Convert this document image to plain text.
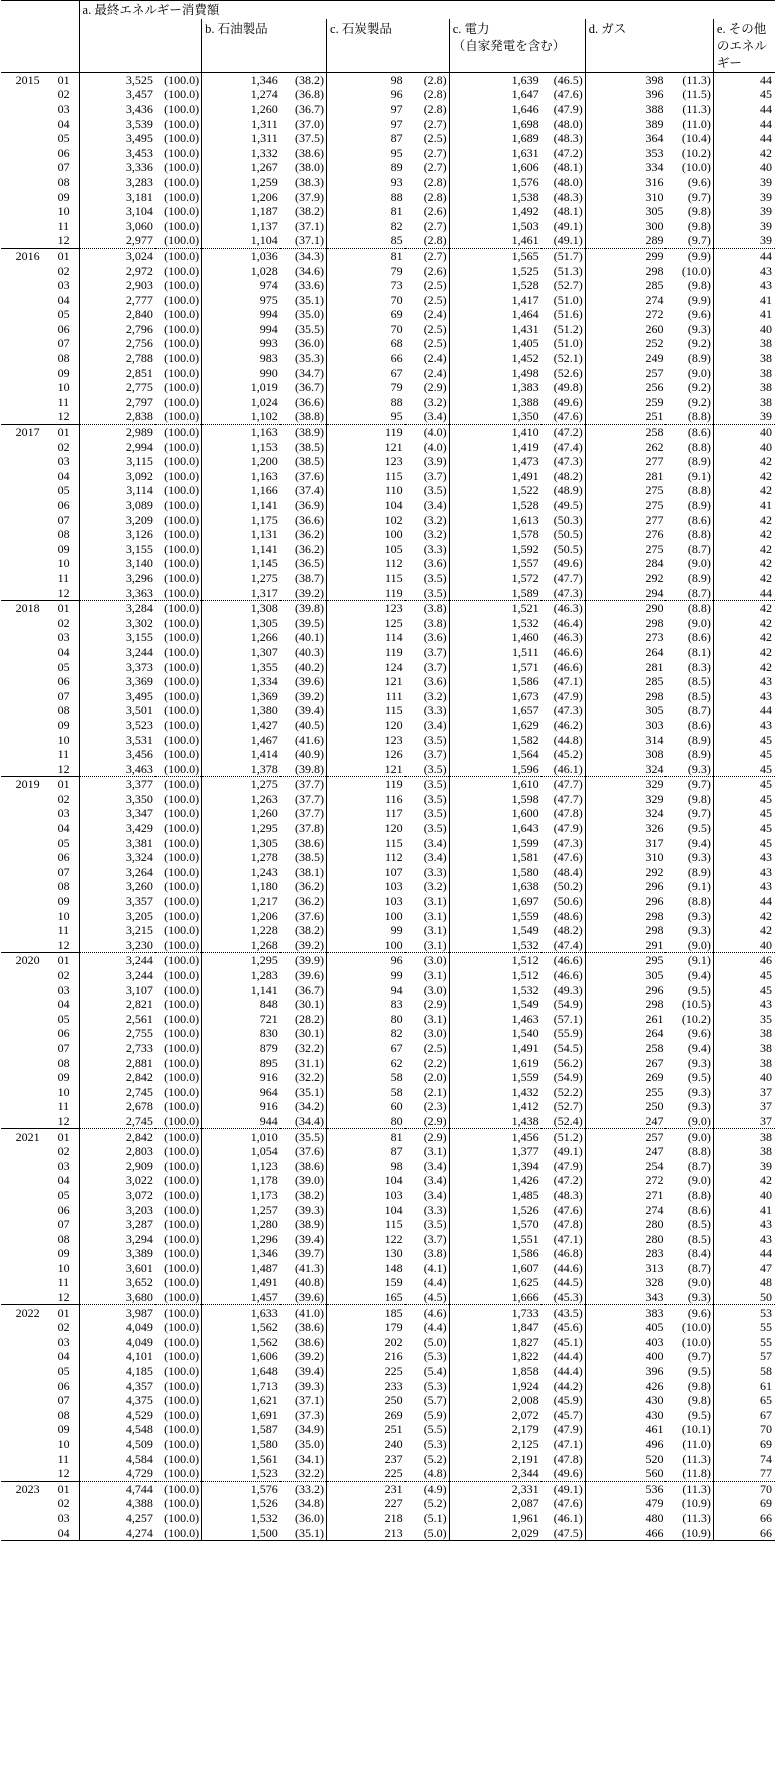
		a. 最終エネルギー消費額										
				b. 石油製品		c. 石炭製品		c. 電力
（自家発電を含む）		d. ガス		e. その他のエネルギー
2015	01	3,525	(100.0)	1,346	(38.2)	98	(2.8)	1,639	(46.5)	398	(11.3)	44
	02	3,457	(100.0)	1,274	(36.8)	96	(2.8)	1,647	(47.6)	396	(11.5)	45
	03	3,436	(100.0)	1,260	(36.7)	97	(2.8)	1,646	(47.9)	388	(11.3)	44
	04	3,539	(100.0)	1,311	(37.0)	97	(2.7)	1,698	(48.0)	389	(11.0)	44
	05	3,495	(100.0)	1,311	(37.5)	87	(2.5)	1,689	(48.3)	364	(10.4)	44
	06	3,453	(100.0)	1,332	(38.6)	95	(2.7)	1,631	(47.2)	353	(10.2)	42
	07	3,336	(100.0)	1,267	(38.0)	89	(2.7)	1,606	(48.1)	334	(10.0)	40
	08	3,283	(100.0)	1,259	(38.3)	93	(2.8)	1,576	(48.0)	316	(9.6)	39
	09	3,181	(100.0)	1,206	(37.9)	88	(2.8)	1,538	(48.3)	310	(9.7)	39
	10	3,104	(100.0)	1,187	(38.2)	81	(2.6)	1,492	(48.1)	305	(9.8)	39
	11	3,060	(100.0)	1,137	(37.1)	82	(2.7)	1,503	(49.1)	300	(9.8)	39
	12	2,977	(100.0)	1,104	(37.1)	85	(2.8)	1,461	(49.1)	289	(9.7)	39
2016	01	3,024	(100.0)	1,036	(34.3)	81	(2.7)	1,565	(51.7)	299	(9.9)	44
	02	2,972	(100.0)	1,028	(34.6)	79	(2.6)	1,525	(51.3)	298	(10.0)	43
	03	2,903	(100.0)	974	(33.6)	73	(2.5)	1,528	(52.7)	285	(9.8)	43
	04	2,777	(100.0)	975	(35.1)	70	(2.5)	1,417	(51.0)	274	(9.9)	41
	05	2,840	(100.0)	994	(35.0)	69	(2.4)	1,464	(51.6)	272	(9.6)	41
	06	2,796	(100.0)	994	(35.5)	70	(2.5)	1,431	(51.2)	260	(9.3)	40
	07	2,756	(100.0)	993	(36.0)	68	(2.5)	1,405	(51.0)	252	(9.2)	38
	08	2,788	(100.0)	983	(35.3)	66	(2.4)	1,452	(52.1)	249	(8.9)	38
	09	2,851	(100.0)	990	(34.7)	67	(2.4)	1,498	(52.6)	257	(9.0)	38
	10	2,775	(100.0)	1,019	(36.7)	79	(2.9)	1,383	(49.8)	256	(9.2)	38
	11	2,797	(100.0)	1,024	(36.6)	88	(3.2)	1,388	(49.6)	259	(9.2)	38
	12	2,838	(100.0)	1,102	(38.8)	95	(3.4)	1,350	(47.6)	251	(8.8)	39
2017	01	2,989	(100.0)	1,163	(38.9)	119	(4.0)	1,410	(47.2)	258	(8.6)	40
	02	2,994	(100.0)	1,153	(38.5)	121	(4.0)	1,419	(47.4)	262	(8.8)	40
	03	3,115	(100.0)	1,200	(38.5)	123	(3.9)	1,473	(47.3)	277	(8.9)	42
	04	3,092	(100.0)	1,163	(37.6)	115	(3.7)	1,491	(48.2)	281	(9.1)	42
	05	3,114	(100.0)	1,166	(37.4)	110	(3.5)	1,522	(48.9)	275	(8.8)	42
	06	3,089	(100.0)	1,141	(36.9)	104	(3.4)	1,528	(49.5)	275	(8.9)	41
	07	3,209	(100.0)	1,175	(36.6)	102	(3.2)	1,613	(50.3)	277	(8.6)	42
	08	3,126	(100.0)	1,131	(36.2)	100	(3.2)	1,578	(50.5)	276	(8.8)	42
	09	3,155	(100.0)	1,141	(36.2)	105	(3.3)	1,592	(50.5)	275	(8.7)	42
	10	3,140	(100.0)	1,145	(36.5)	112	(3.6)	1,557	(49.6)	284	(9.0)	42
	11	3,296	(100.0)	1,275	(38.7)	115	(3.5)	1,572	(47.7)	292	(8.9)	42
	12	3,363	(100.0)	1,317	(39.2)	119	(3.5)	1,589	(47.3)	294	(8.7)	44
2018	01	3,284	(100.0)	1,308	(39.8)	123	(3.8)	1,521	(46.3)	290	(8.8)	42
	02	3,302	(100.0)	1,305	(39.5)	125	(3.8)	1,532	(46.4)	298	(9.0)	42
	03	3,155	(100.0)	1,266	(40.1)	114	(3.6)	1,460	(46.3)	273	(8.6)	42
	04	3,244	(100.0)	1,307	(40.3)	119	(3.7)	1,511	(46.6)	264	(8.1)	42
	05	3,373	(100.0)	1,355	(40.2)	124	(3.7)	1,571	(46.6)	281	(8.3)	42
	06	3,369	(100.0)	1,334	(39.6)	121	(3.6)	1,586	(47.1)	285	(8.5)	43
	07	3,495	(100.0)	1,369	(39.2)	111	(3.2)	1,673	(47.9)	298	(8.5)	43
	08	3,501	(100.0)	1,380	(39.4)	115	(3.3)	1,657	(47.3)	305	(8.7)	44
	09	3,523	(100.0)	1,427	(40.5)	120	(3.4)	1,629	(46.2)	303	(8.6)	43
	10	3,531	(100.0)	1,467	(41.6)	123	(3.5)	1,582	(44.8)	314	(8.9)	45
	11	3,456	(100.0)	1,414	(40.9)	126	(3.7)	1,564	(45.2)	308	(8.9)	45
	12	3,463	(100.0)	1,378	(39.8)	121	(3.5)	1,596	(46.1)	324	(9.3)	45
2019	01	3,377	(100.0)	1,275	(37.7)	119	(3.5)	1,610	(47.7)	329	(9.7)	45
	02	3,350	(100.0)	1,263	(37.7)	116	(3.5)	1,598	(47.7)	329	(9.8)	45
	03	3,347	(100.0)	1,260	(37.7)	117	(3.5)	1,600	(47.8)	324	(9.7)	45
	04	3,429	(100.0)	1,295	(37.8)	120	(3.5)	1,643	(47.9)	326	(9.5)	45
	05	3,381	(100.0)	1,305	(38.6)	115	(3.4)	1,599	(47.3)	317	(9.4)	45
	06	3,324	(100.0)	1,278	(38.5)	112	(3.4)	1,581	(47.6)	310	(9.3)	43
	07	3,264	(100.0)	1,243	(38.1)	107	(3.3)	1,580	(48.4)	292	(8.9)	43
	08	3,260	(100.0)	1,180	(36.2)	103	(3.2)	1,638	(50.2)	296	(9.1)	43
	09	3,357	(100.0)	1,217	(36.2)	103	(3.1)	1,697	(50.6)	296	(8.8)	44
	10	3,205	(100.0)	1,206	(37.6)	100	(3.1)	1,559	(48.6)	298	(9.3)	42
	11	3,215	(100.0)	1,228	(38.2)	99	(3.1)	1,549	(48.2)	298	(9.3)	42
	12	3,230	(100.0)	1,268	(39.2)	100	(3.1)	1,532	(47.4)	291	(9.0)	40
2020	01	3,244	(100.0)	1,295	(39.9)	96	(3.0)	1,512	(46.6)	295	(9.1)	46
	02	3,244	(100.0)	1,283	(39.6)	99	(3.1)	1,512	(46.6)	305	(9.4)	45
	03	3,107	(100.0)	1,141	(36.7)	94	(3.0)	1,532	(49.3)	296	(9.5)	45
	04	2,821	(100.0)	848	(30.1)	83	(2.9)	1,549	(54.9)	298	(10.5)	43
	05	2,561	(100.0)	721	(28.2)	80	(3.1)	1,463	(57.1)	261	(10.2)	35
	06	2,755	(100.0)	830	(30.1)	82	(3.0)	1,540	(55.9)	264	(9.6)	38
	07	2,733	(100.0)	879	(32.2)	67	(2.5)	1,491	(54.5)	258	(9.4)	38
	08	2,881	(100.0)	895	(31.1)	62	(2.2)	1,619	(56.2)	267	(9.3)	38
	09	2,842	(100.0)	916	(32.2)	58	(2.0)	1,559	(54.9)	269	(9.5)	40
	10	2,745	(100.0)	964	(35.1)	58	(2.1)	1,432	(52.2)	255	(9.3)	37
	11	2,678	(100.0)	916	(34.2)	60	(2.3)	1,412	(52.7)	250	(9.3)	37
	12	2,745	(100.0)	944	(34.4)	80	(2.9)	1,438	(52.4)	247	(9.0)	37
2021	01	2,842	(100.0)	1,010	(35.5)	81	(2.9)	1,456	(51.2)	257	(9.0)	38
	02	2,803	(100.0)	1,054	(37.6)	87	(3.1)	1,377	(49.1)	247	(8.8)	38
	03	2,909	(100.0)	1,123	(38.6)	98	(3.4)	1,394	(47.9)	254	(8.7)	39
	04	3,022	(100.0)	1,178	(39.0)	104	(3.4)	1,426	(47.2)	272	(9.0)	42
	05	3,072	(100.0)	1,173	(38.2)	103	(3.4)	1,485	(48.3)	271	(8.8)	40
	06	3,203	(100.0)	1,257	(39.3)	104	(3.3)	1,526	(47.6)	274	(8.6)	41
	07	3,287	(100.0)	1,280	(38.9)	115	(3.5)	1,570	(47.8)	280	(8.5)	43
	08	3,294	(100.0)	1,296	(39.4)	122	(3.7)	1,551	(47.1)	280	(8.5)	43
	09	3,389	(100.0)	1,346	(39.7)	130	(3.8)	1,586	(46.8)	283	(8.4)	44
	10	3,601	(100.0)	1,487	(41.3)	148	(4.1)	1,607	(44.6)	313	(8.7)	47
	11	3,652	(100.0)	1,491	(40.8)	159	(4.4)	1,625	(44.5)	328	(9.0)	48
	12	3,680	(100.0)	1,457	(39.6)	165	(4.5)	1,666	(45.3)	343	(9.3)	50
2022	01	3,987	(100.0)	1,633	(41.0)	185	(4.6)	1,733	(43.5)	383	(9.6)	53
	02	4,049	(100.0)	1,562	(38.6)	179	(4.4)	1,847	(45.6)	405	(10.0)	55
	03	4,049	(100.0)	1,562	(38.6)	202	(5.0)	1,827	(45.1)	403	(10.0)	55
	04	4,101	(100.0)	1,606	(39.2)	216	(5.3)	1,822	(44.4)	400	(9.7)	57
	05	4,185	(100.0)	1,648	(39.4)	225	(5.4)	1,858	(44.4)	396	(9.5)	58
	06	4,357	(100.0)	1,713	(39.3)	233	(5.3)	1,924	(44.2)	426	(9.8)	61
	07	4,375	(100.0)	1,621	(37.1)	250	(5.7)	2,008	(45.9)	430	(9.8)	65
	08	4,529	(100.0)	1,691	(37.3)	269	(5.9)	2,072	(45.7)	430	(9.5)	67
	09	4,548	(100.0)	1,587	(34.9)	251	(5.5)	2,179	(47.9)	461	(10.1)	70
	10	4,509	(100.0)	1,580	(35.0)	240	(5.3)	2,125	(47.1)	496	(11.0)	69
	11	4,584	(100.0)	1,561	(34.1)	237	(5.2)	2,191	(47.8)	520	(11.3)	74
	12	4,729	(100.0)	1,523	(32.2)	225	(4.8)	2,344	(49.6)	560	(11.8)	77
2023	01	4,744	(100.0)	1,576	(33.2)	231	(4.9)	2,331	(49.1)	536	(11.3)	70
	02	4,388	(100.0)	1,526	(34.8)	227	(5.2)	2,087	(47.6)	479	(10.9)	69
	03	4,257	(100.0)	1,532	(36.0)	218	(5.1)	1,961	(46.1)	480	(11.3)	66
	04	4,274	(100.0)	1,500	(35.1)	213	(5.0)	2,029	(47.5)	466	(10.9)	66
